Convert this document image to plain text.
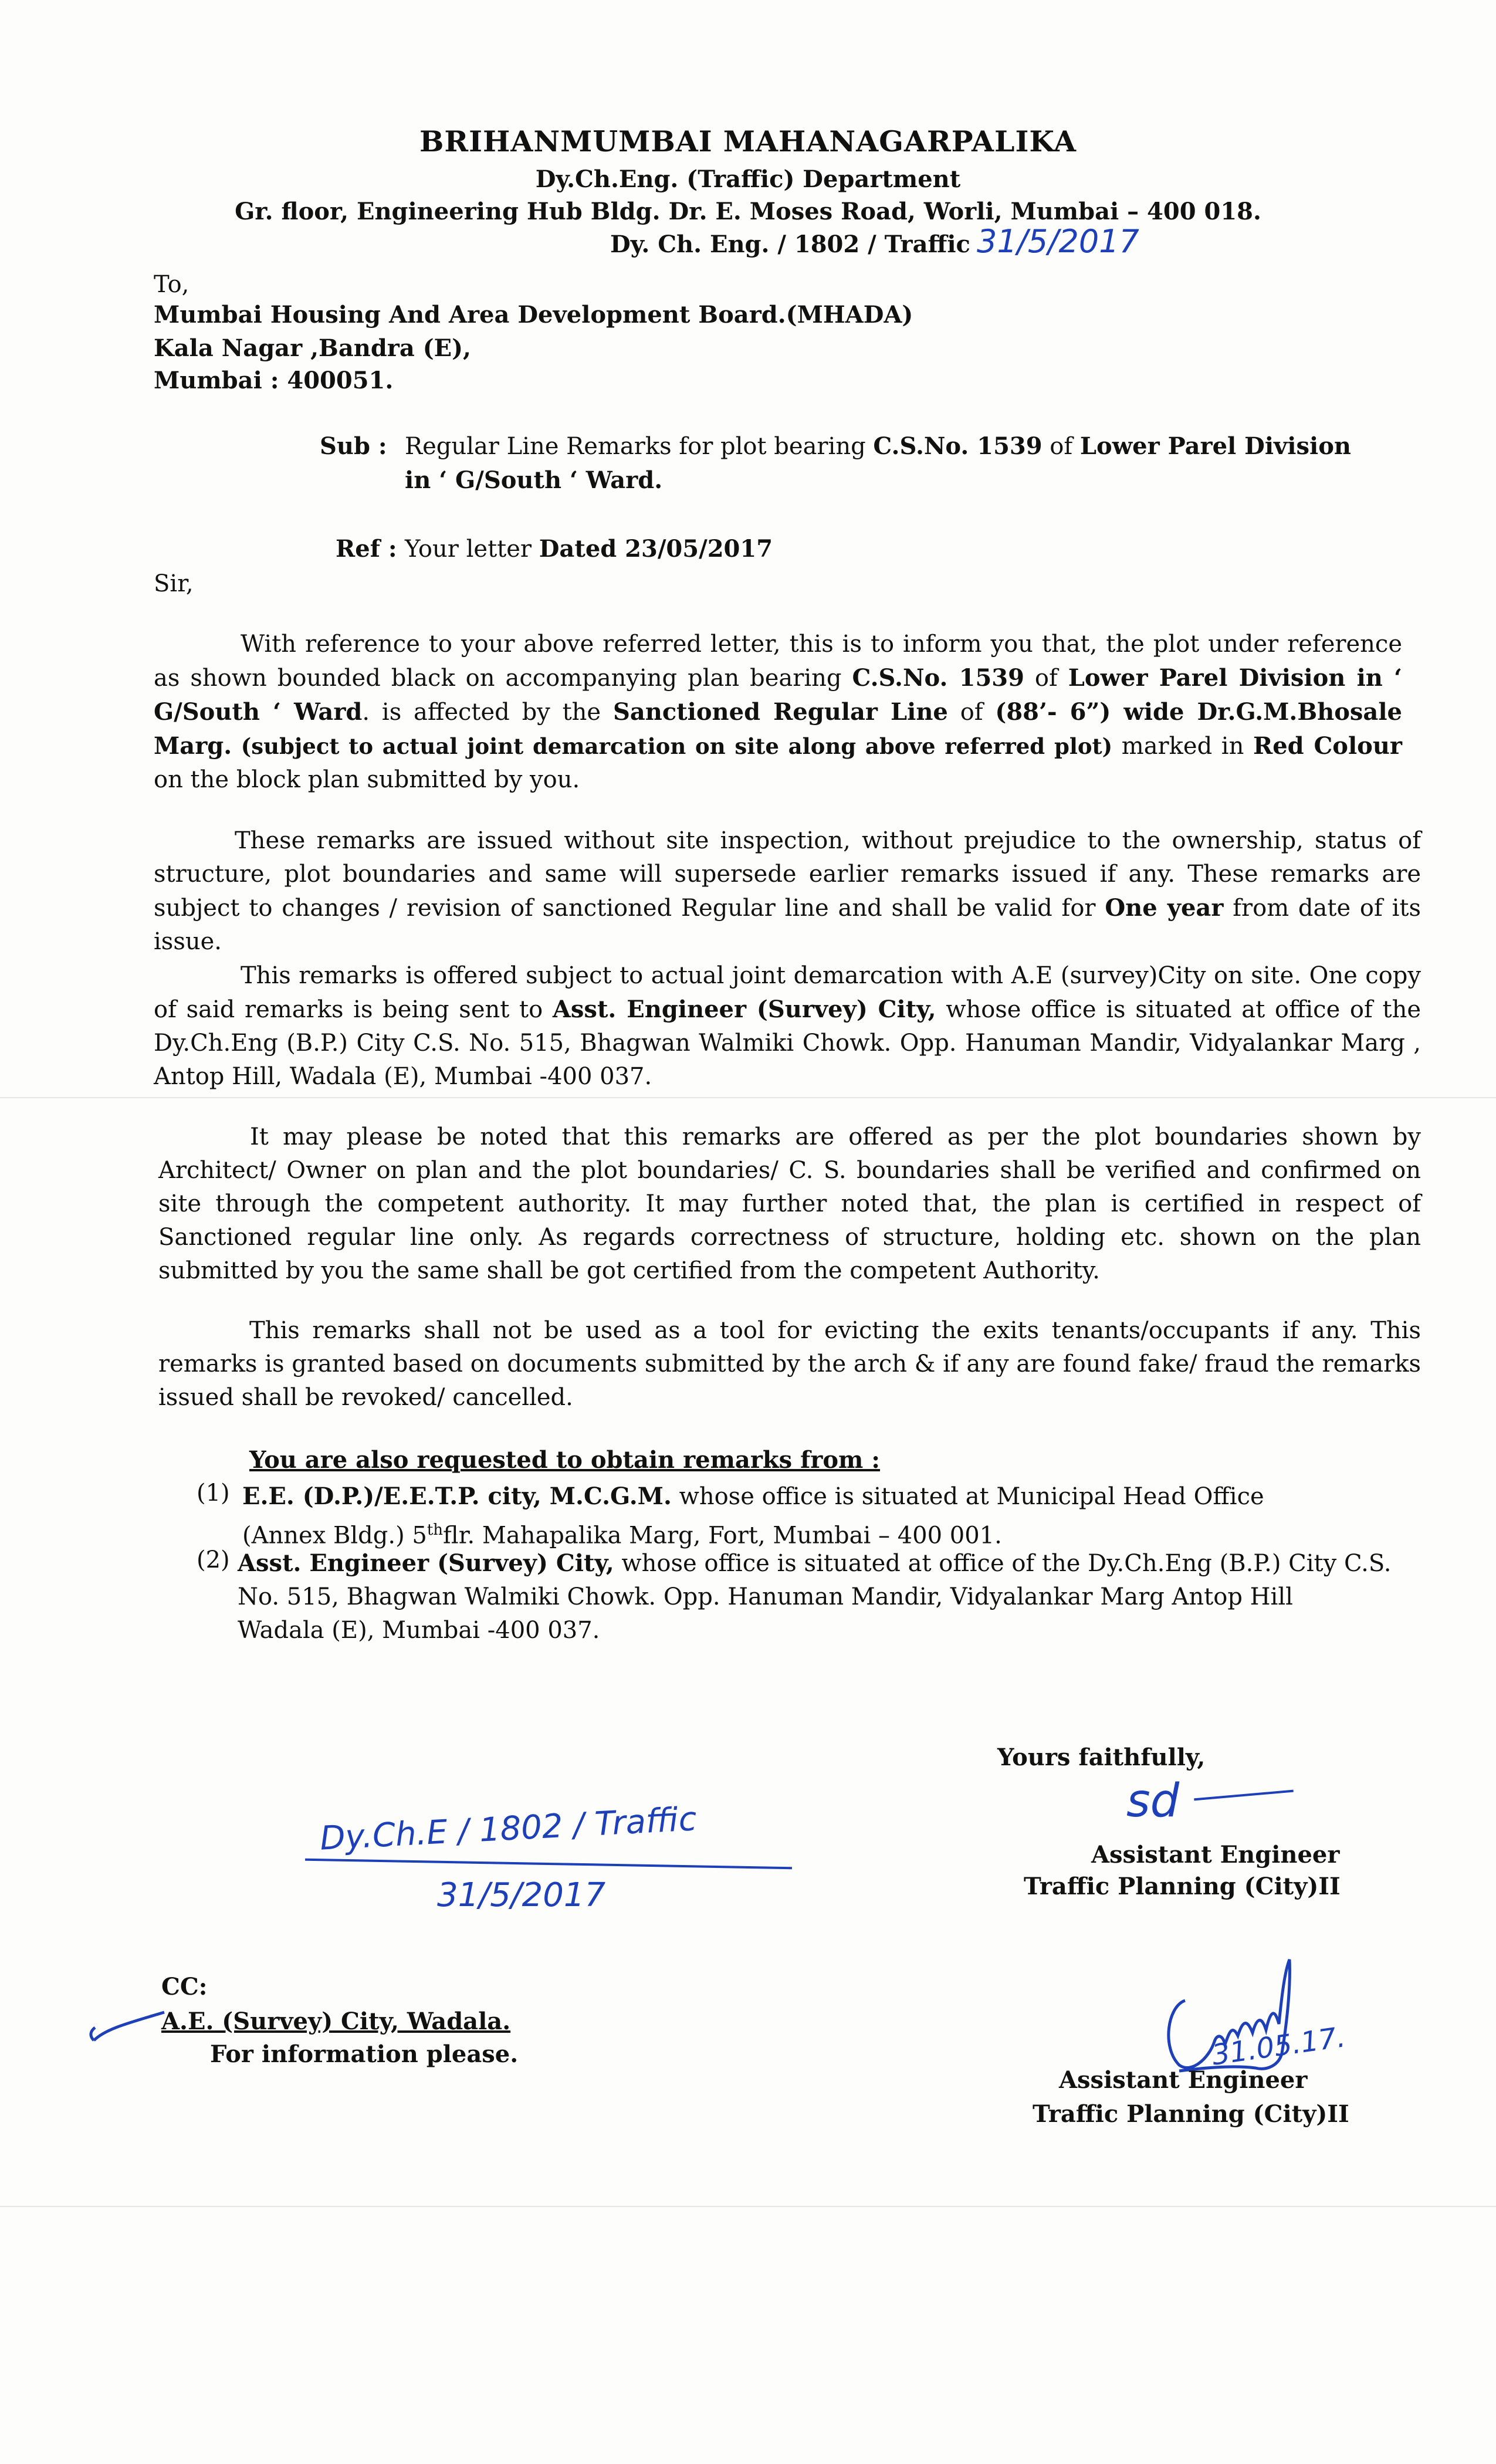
BRIHANMUMBAI MAHANAGARPALIKA
Dy.Ch.Eng. (Traffic) Department
Gr. floor, Engineering Hub Bldg. Dr. E. Moses Road, Worli, Mumbai – 400 018.
Dy. Ch. Eng. / 1802 / Traffic 31/5/2017
To,
Mumbai Housing And Area Development Board.(MHADA)
Kala Nagar ,Bandra (E),
Mumbai : 400051.
Sub : Regular Line Remarks for plot bearing C.S.No. 1539 of Lower Parel Division
in ‘ G/South ‘ Ward.
Ref : Your letter Dated 23/05/2017
Sir,
With reference to your above referred letter, this is to inform you that, the plot under reference as shown bounded black on accompanying plan bearing C.S.No. 1539 of Lower Parel Division in ‘ G/South ‘ Ward. is affected by the Sanctioned Regular Line of (88’- 6”) wide Dr.G.M.Bhosale Marg. (subject to actual joint demarcation on site along above referred plot) marked in Red Colour on the block plan submitted by you.
These remarks are issued without site inspection, without prejudice to the ownership, status of structure, plot boundaries and same will supersede earlier remarks issued if any. These remarks are subject to changes / revision of sanctioned Regular line and shall be valid for One year from date of its issue.
This remarks is offered subject to actual joint demarcation with A.E (survey)City on site. One copy of said remarks is being sent to Asst. Engineer (Survey) City, whose office is situated at office of the Dy.Ch.Eng (B.P.) City C.S. No. 515, Bhagwan Walmiki Chowk. Opp. Hanuman Mandir, Vidyalankar Marg , Antop Hill, Wadala (E), Mumbai -400 037.
It may please be noted that this remarks are offered as per the plot boundaries shown by Architect/ Owner on plan and the plot boundaries/ C. S. boundaries shall be verified and confirmed on site through the competent authority. It may further noted that, the plan is certified in respect of Sanctioned regular line only. As regards correctness of structure, holding etc. shown on the plan submitted by you the same shall be got certified from the competent Authority.
This remarks shall not be used as a tool for evicting the exits tenants/occupants if any. This remarks is granted based on documents submitted by the arch & if any are found fake/ fraud the remarks issued shall be revoked/ cancelled.
You are also requested to obtain remarks from :
(1) E.E. (D.P.)/E.E.T.P. city, M.C.G.M. whose office is situated at Municipal Head Office
(Annex Bldg.) 5thflr. Mahapalika Marg, Fort, Mumbai – 400 001.
(2) Asst. Engineer (Survey) City, whose office is situated at office of the Dy.Ch.Eng (B.P.) City C.S.
No. 515, Bhagwan Walmiki Chowk. Opp. Hanuman Mandir, Vidyalankar Marg Antop Hill
Wadala (E), Mumbai -400 037.
Yours faithfully,
sd
Assistant Engineer
Traffic Planning (City)II
Dy.Ch.E / 1802 / Traffic
31/5/2017
CC:
A.E. (Survey) City, Wadala.
For information please.	31.05.17.
Assistant Engineer
Traffic Planning (City)II
